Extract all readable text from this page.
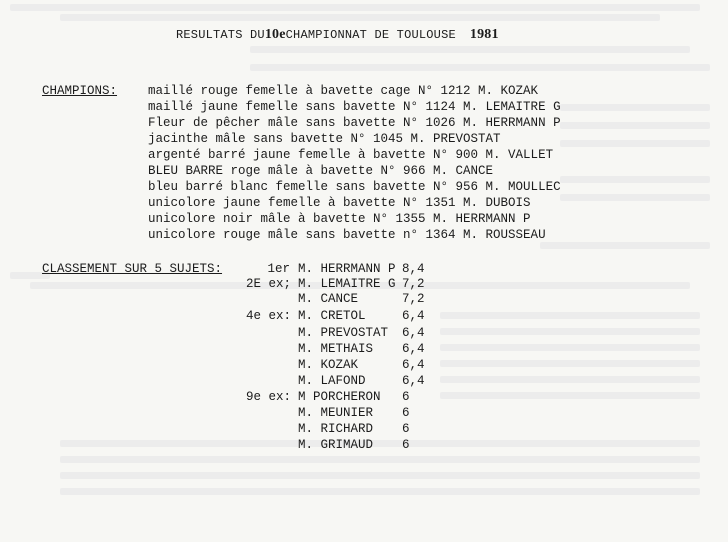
RESULTATS DU10eCHAMPIONNAT DE TOULOUSE 1981
CHAMPIONS: maillé rouge femelle à bavette cage N° 1212 M. KOZAK
maillé jaune femelle sans bavette N° 1124 M. LEMAITRE G
Fleur de pêcher mâle sans bavette N° 1026 M. HERRMANN P
jacinthe mâle sans bavette N° 1045 M. PREVOSTAT
argenté barré jaune femelle à bavette N° 900 M. VALLET
BLEU BARRE roge mâle à bavette N° 966 M. CANCE
bleu barré blanc femelle sans bavette N° 956 M. MOULLEC
unicolore jaune femelle à bavette N° 1351 M. DUBOIS
unicolore noir mâle à bavette N° 1355 M. HERRMANN P
unicolore rouge mâle sans bavette n° 1364 M. ROUSSEAU
CLASSEMENT SUR 5 SUJETS:	1er M. HERRMANN P 8,4
2E ex; M. LEMAITRE G 7,2
M. CANCE	7,2
4e ex: M. CRETOL	6,4
M. PREVOSTAT 6,4
M. METHAIS 6,4
M. KOZAK	6,4
M. LAFOND	6,4
9e ex: M PORCHERON 6
M. MEUNIER 6
M. RICHARD 6
M. GRIMAUD 6
